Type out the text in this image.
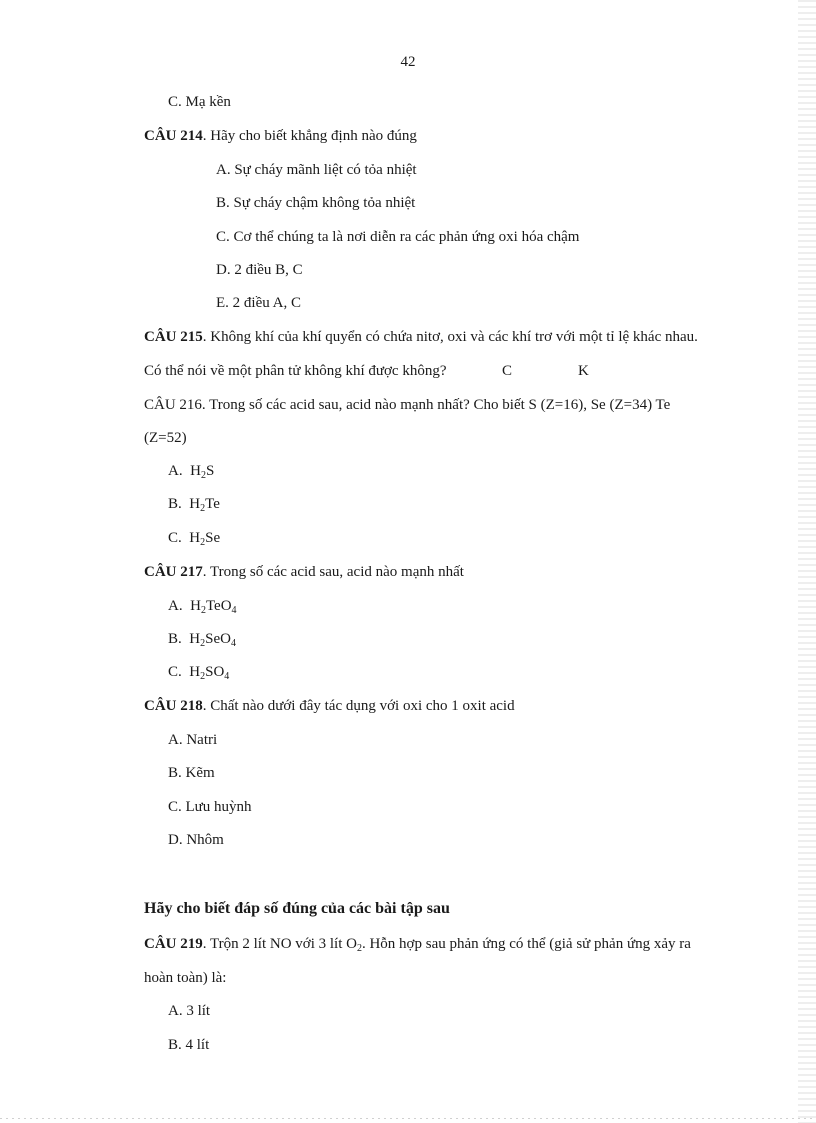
42
C. Mạ kền
CÂU 214. Hãy cho biết khẳng định nào đúng
A. Sự cháy mãnh liệt có tỏa nhiệt
B. Sự cháy chậm không tỏa nhiệt
C. Cơ thể chúng ta là nơi diễn ra các phản ứng oxi hóa chậm
D. 2 điều B, C
E. 2 điều A, C
CÂU 215. Không khí của khí quyển có chứa nitơ, oxi và các khí trơ với một tỉ lệ khác nhau.
Có thể nói về một phân tử không khí được không?	C	K
CÂU 216. Trong số các acid sau, acid nào mạnh nhất? Cho biết S (Z=16), Se (Z=34) Te
(Z=52)
A. $H_2S$
B. $H_2Te$
C. $H_2Se$
CÂU 217. Trong số các acid sau, acid nào mạnh nhất
A. $H_2TeO_4$
B. $H_2SeO_4$
C. $H_2SO_4$
CÂU 218. Chất nào dưới đây tác dụng với oxi cho 1 oxit acid
A. Natri
B. Kẽm
C. Lưu huỳnh
D. Nhôm
Hãy cho biết đáp số đúng của các bài tập sau
CÂU 219. Trộn 2 lít NO với 3 lít $O_2$. Hỗn hợp sau phản ứng có thể (giả sử phản ứng xảy ra
hoàn toàn) là:
A. 3 lít
B. 4 lít
